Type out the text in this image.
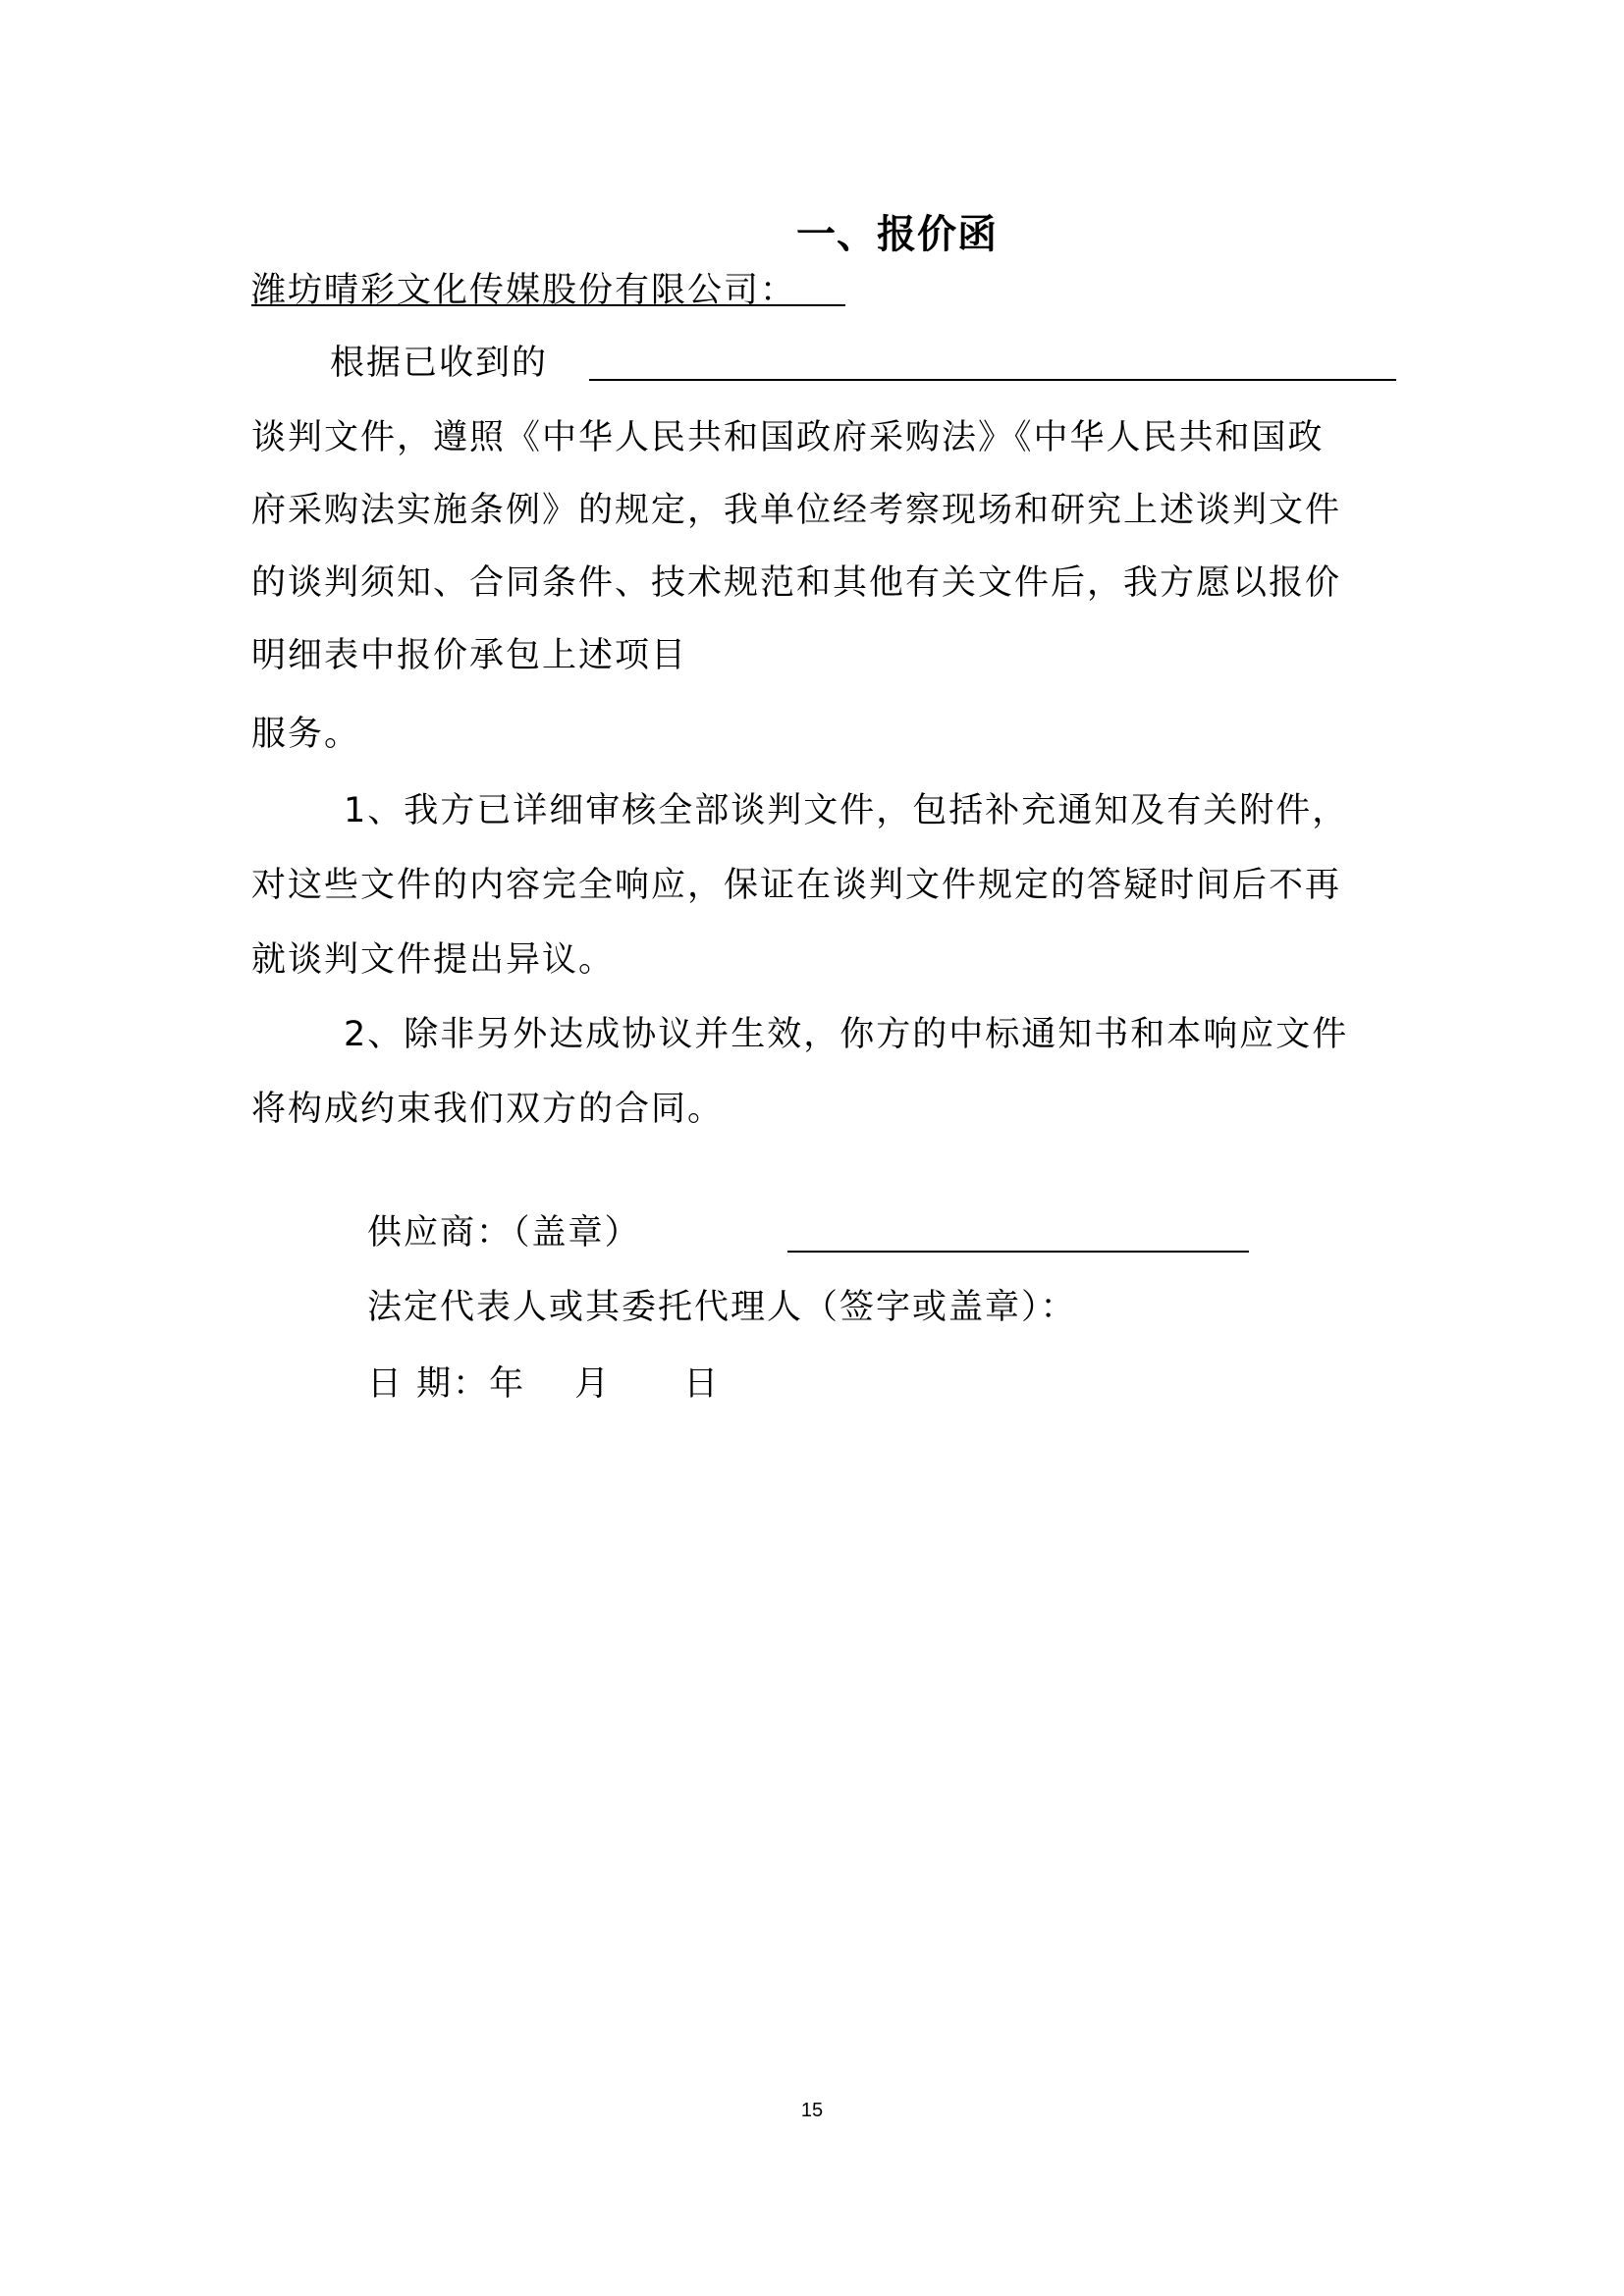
一、报价函
潍坊晴彩文化传媒股份有限公司：
根据已收到的
谈判文件，遵照《中华人民共和国政府采购法》《中华人民共和国政
府采购法实施条例》的规定，我单位经考察现场和研究上述谈判文件
的谈判须知、合同条件、技术规范和其他有关文件后，我方愿以报价
明细表中报价承包上述项目
服务。
1、我方已详细审核全部谈判文件，包括补充通知及有关附件，
对这些文件的内容完全响应，保证在谈判文件规定的答疑时间后不再
就谈判文件提出异议。
2、除非另外达成协议并生效，你方的中标通知书和本响应文件
将构成约束我们双方的合同。
供应商：（盖章）
法定代表人或其委托代理人（签字或盖章）：
日 期：年　 月　　日
15
